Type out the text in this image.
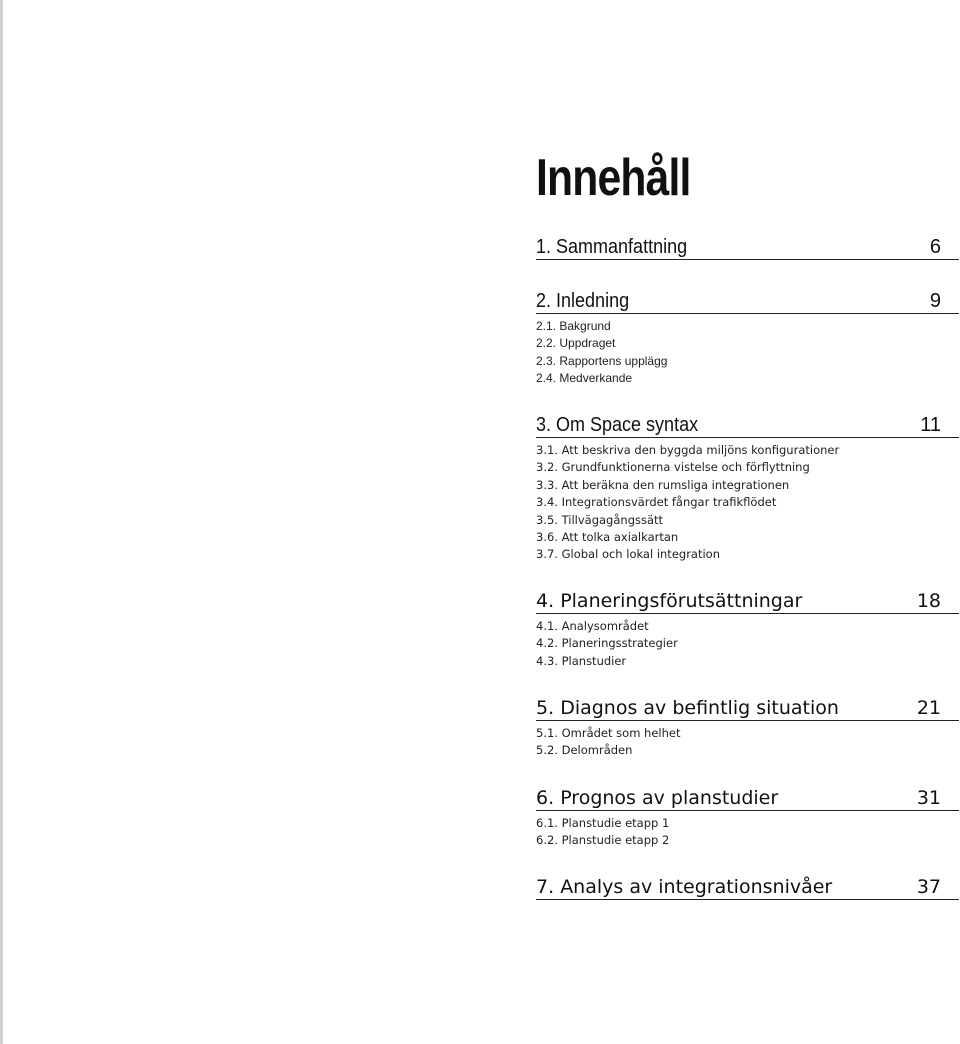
Innehåll
1. Sammanfattning	6
2. Inledning	9
2.1. Bakgrund
2.2. Uppdraget
2.3. Rapportens upplägg
2.4. Medverkande
3. Om Space syntax	11
3.1. Att beskriva den byggda miljöns konfigurationer
3.2. Grundfunktionerna vistelse och förflyttning
3.3. Att beräkna den rumsliga integrationen
3.4. Integrationsvärdet fångar trafikflödet
3.5. Tillvägagångssätt
3.6. Att tolka axialkartan
3.7. Global och lokal integration
4. Planeringsförutsättningar	18
4.1. Analysområdet
4.2. Planeringsstrategier
4.3. Planstudier
5. Diagnos av befintlig situation	21
5.1. Området som helhet
5.2. Delområden
6. Prognos av planstudier	31
6.1. Planstudie etapp 1
6.2. Planstudie etapp 2
7. Analys av integrationsnivåer	37
